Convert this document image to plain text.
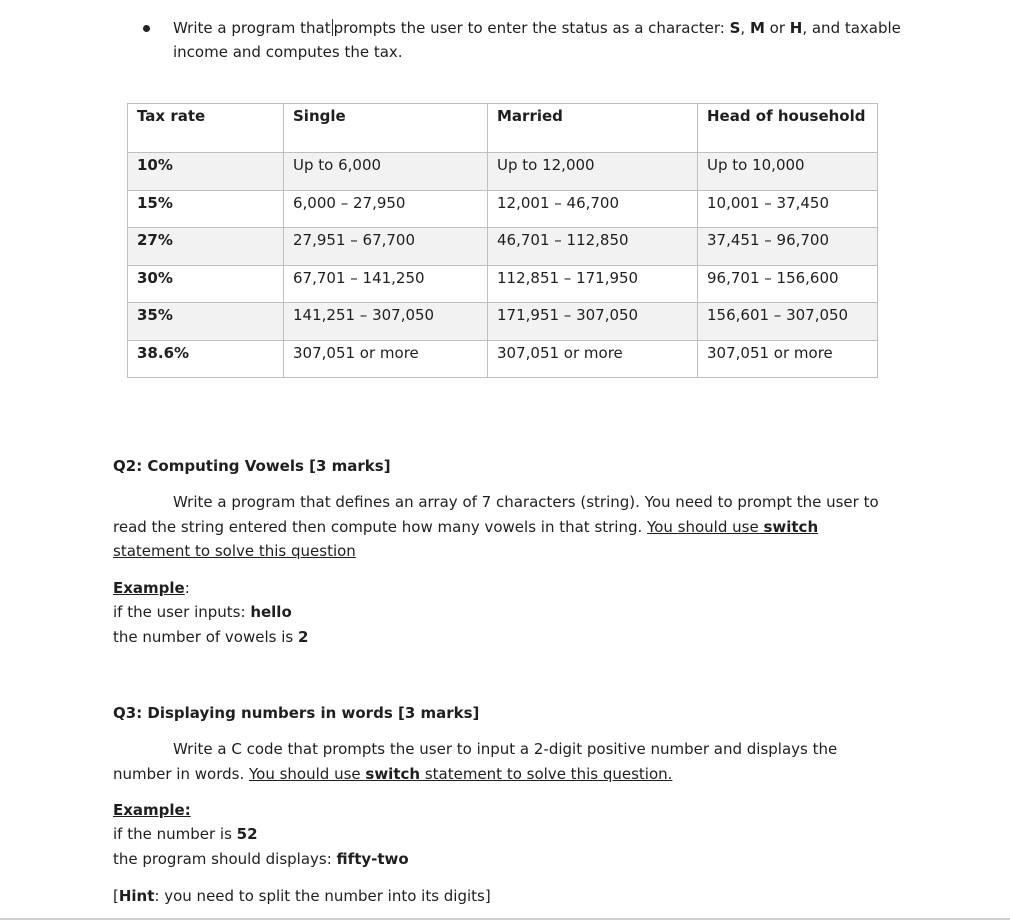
Write a program that prompts the user to enter the status as a character: S, M or H, and taxable income and computes the tax.
Tax rate	Single	Married	Head of household
10%	Up to 6,000	Up to 12,000	Up to 10,000
15%	6,000 – 27,950	12,001 – 46,700	10,001 – 37,450
27%	27,951 – 67,700	46,701 – 112,850	37,451 – 96,700
30%	67,701 – 141,250	112,851 – 171,950	96,701 – 156,600
35%	141,251 – 307,050	171,951 – 307,050	156,601 – 307,050
38.6%	307,051 or more	307,051 or more	307,051 or more
Q2: Computing Vowels [3 marks]
Write a program that defines an array of 7 characters (string). You need to prompt the user to read the string entered then compute how many vowels in that string. You should use switch statement to solve this question
Example:
if the user inputs: hello
the number of vowels is 2
Q3: Displaying numbers in words [3 marks]
Write a C code that prompts the user to input a 2-digit positive number and displays the number in words. You should use switch statement to solve this question.
Example:
if the number is 52
the program should displays: fifty-two
[Hint: you need to split the number into its digits]
